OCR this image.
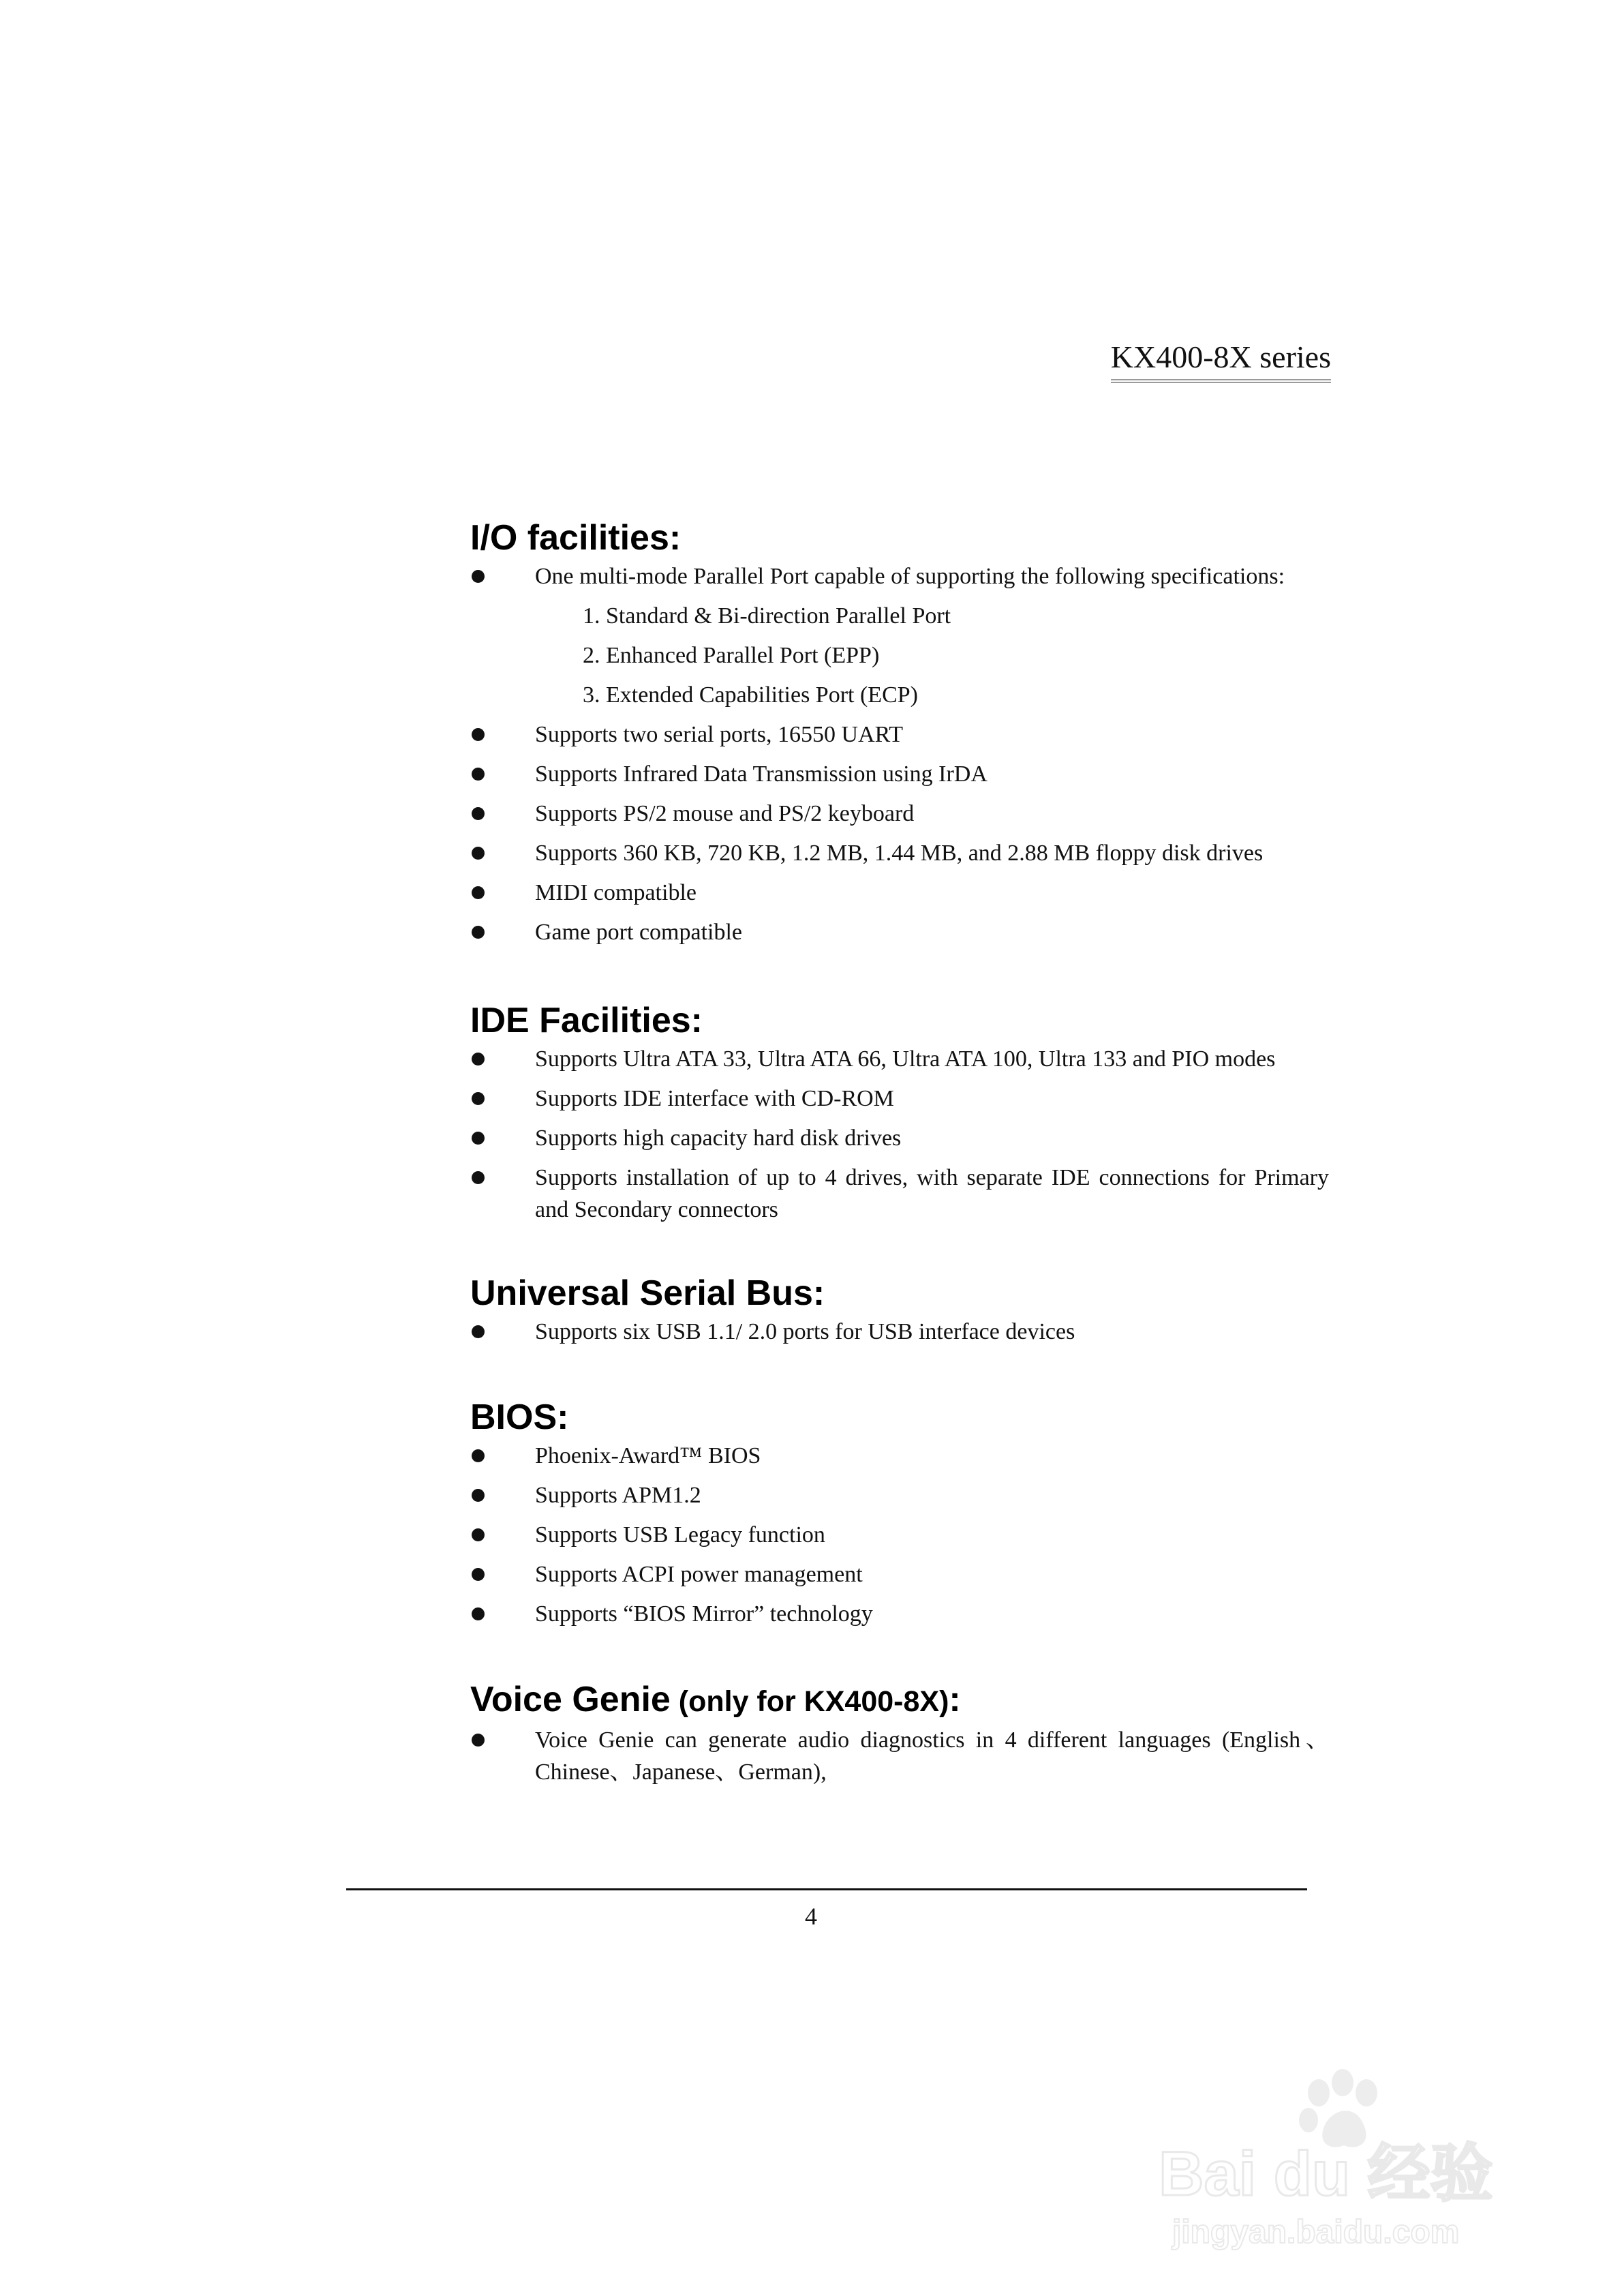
KX400-8X series
I/O facilities:
One multi-mode Parallel Port capable of supporting the following specifications:
1. Standard & Bi-direction Parallel Port
2. Enhanced Parallel Port (EPP)
3. Extended Capabilities Port (ECP)
Supports two serial ports, 16550 UART
Supports Infrared Data Transmission using IrDA
Supports PS/2 mouse and PS/2 keyboard
Supports 360 KB, 720 KB, 1.2 MB, 1.44 MB, and 2.88 MB floppy disk drives
MIDI compatible
Game port compatible
IDE Facilities:
Supports Ultra ATA 33, Ultra ATA 66, Ultra ATA 100, Ultra 133 and PIO modes
Supports IDE interface with CD-ROM
Supports high capacity hard disk drives
Supports installation of up to 4 drives, with separate IDE connections for Primary and Secondary connectors
Universal Serial Bus:
Supports six USB 1.1/ 2.0 ports for USB interface devices
BIOS:
Phoenix-Award™ BIOS
Supports APM1.2
Supports USB Legacy function
Supports ACPI power management
Supports “BIOS Mirror” technology
Voice Genie (only for KX400-8X):
Voice Genie can generate audio diagnostics in 4 different languages (English、Chinese、Japanese、German),
4
Bai du 经验
jingyan.baidu.com
